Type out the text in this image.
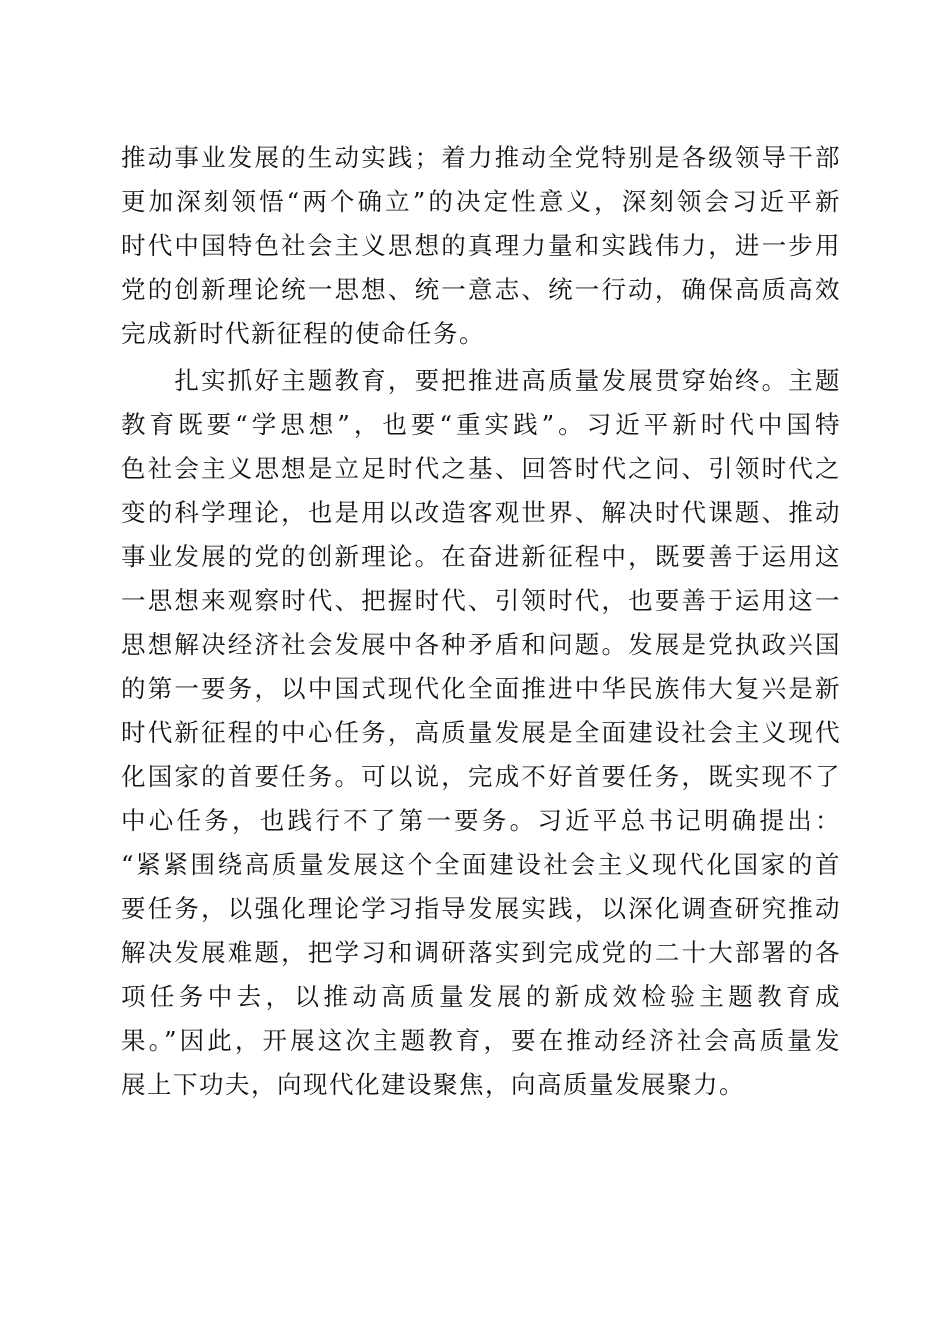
推动事业发展的生动实践；着力推动全党特别是各级领导干部
更加深刻领悟“两个确立”的决定性意义，深刻领会习近平新
时代中国特色社会主义思想的真理力量和实践伟力，进一步用
党的创新理论统一思想、统一意志、统一行动，确保高质高效
完成新时代新征程的使命任务。
　　扎实抓好主题教育，要把推进高质量发展贯穿始终。主题
教育既要“学思想”，也要“重实践”。习近平新时代中国特
色社会主义思想是立足时代之基、回答时代之问、引领时代之
变的科学理论，也是用以改造客观世界、解决时代课题、推动
事业发展的党的创新理论。在奋进新征程中，既要善于运用这
一思想来观察时代、把握时代、引领时代，也要善于运用这一
思想解决经济社会发展中各种矛盾和问题。发展是党执政兴国
的第一要务，以中国式现代化全面推进中华民族伟大复兴是新
时代新征程的中心任务，高质量发展是全面建设社会主义现代
化国家的首要任务。可以说，完成不好首要任务，既实现不了
中心任务，也践行不了第一要务。习近平总书记明确提出：
“紧紧围绕高质量发展这个全面建设社会主义现代化国家的首
要任务，以强化理论学习指导发展实践，以深化调查研究推动
解决发展难题，把学习和调研落实到完成党的二十大部署的各
项任务中去，以推动高质量发展的新成效检验主题教育成
果。”因此，开展这次主题教育，要在推动经济社会高质量发
展上下功夫，向现代化建设聚焦，向高质量发展聚力。
